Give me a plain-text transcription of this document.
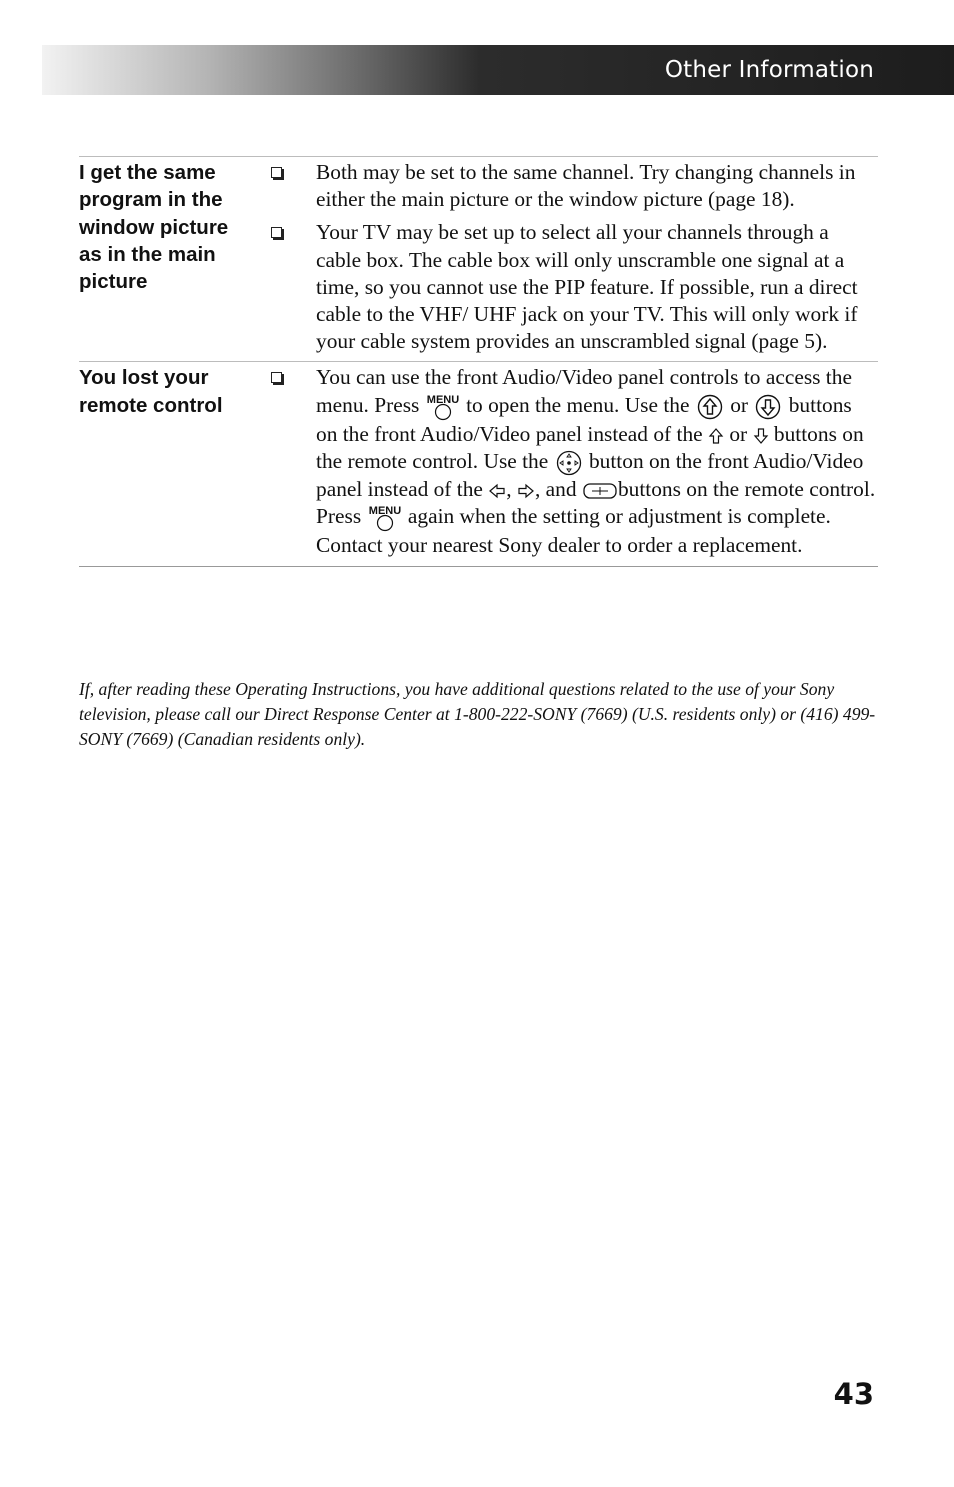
Other Information
I get the same program in the window picture as in the main picture
Both may be set to the same channel. Try changing channels in either the main picture or the window picture (page 18).
Your TV may be set up to select all your channels through a cable box. The cable box will only unscramble one signal at a time, so you cannot use the PIP feature. If possible, run a direct cable to the VHF/ UHF jack on your TV. This will only work if your cable system provides an unscrambled signal (page 5).
You lost your remote control
You can use the front Audio/Video panel controls to access the menu. Press MENU to open the menu. Use the or buttons on the front Audio/Video panel instead of the or buttons on the remote control. Use the button on the front Audio/Video panel instead of the , , and buttons on the remote control. Press MENU again when the setting or adjustment is complete. Contact your nearest Sony dealer to order a replacement.
If, after reading these Operating Instructions, you have additional questions related to the use of your Sony television, please call our Direct Response Center at 1-800-222-SONY (7669) (U.S. residents only) or (416) 499-SONY (7669) (Canadian residents only).
43
